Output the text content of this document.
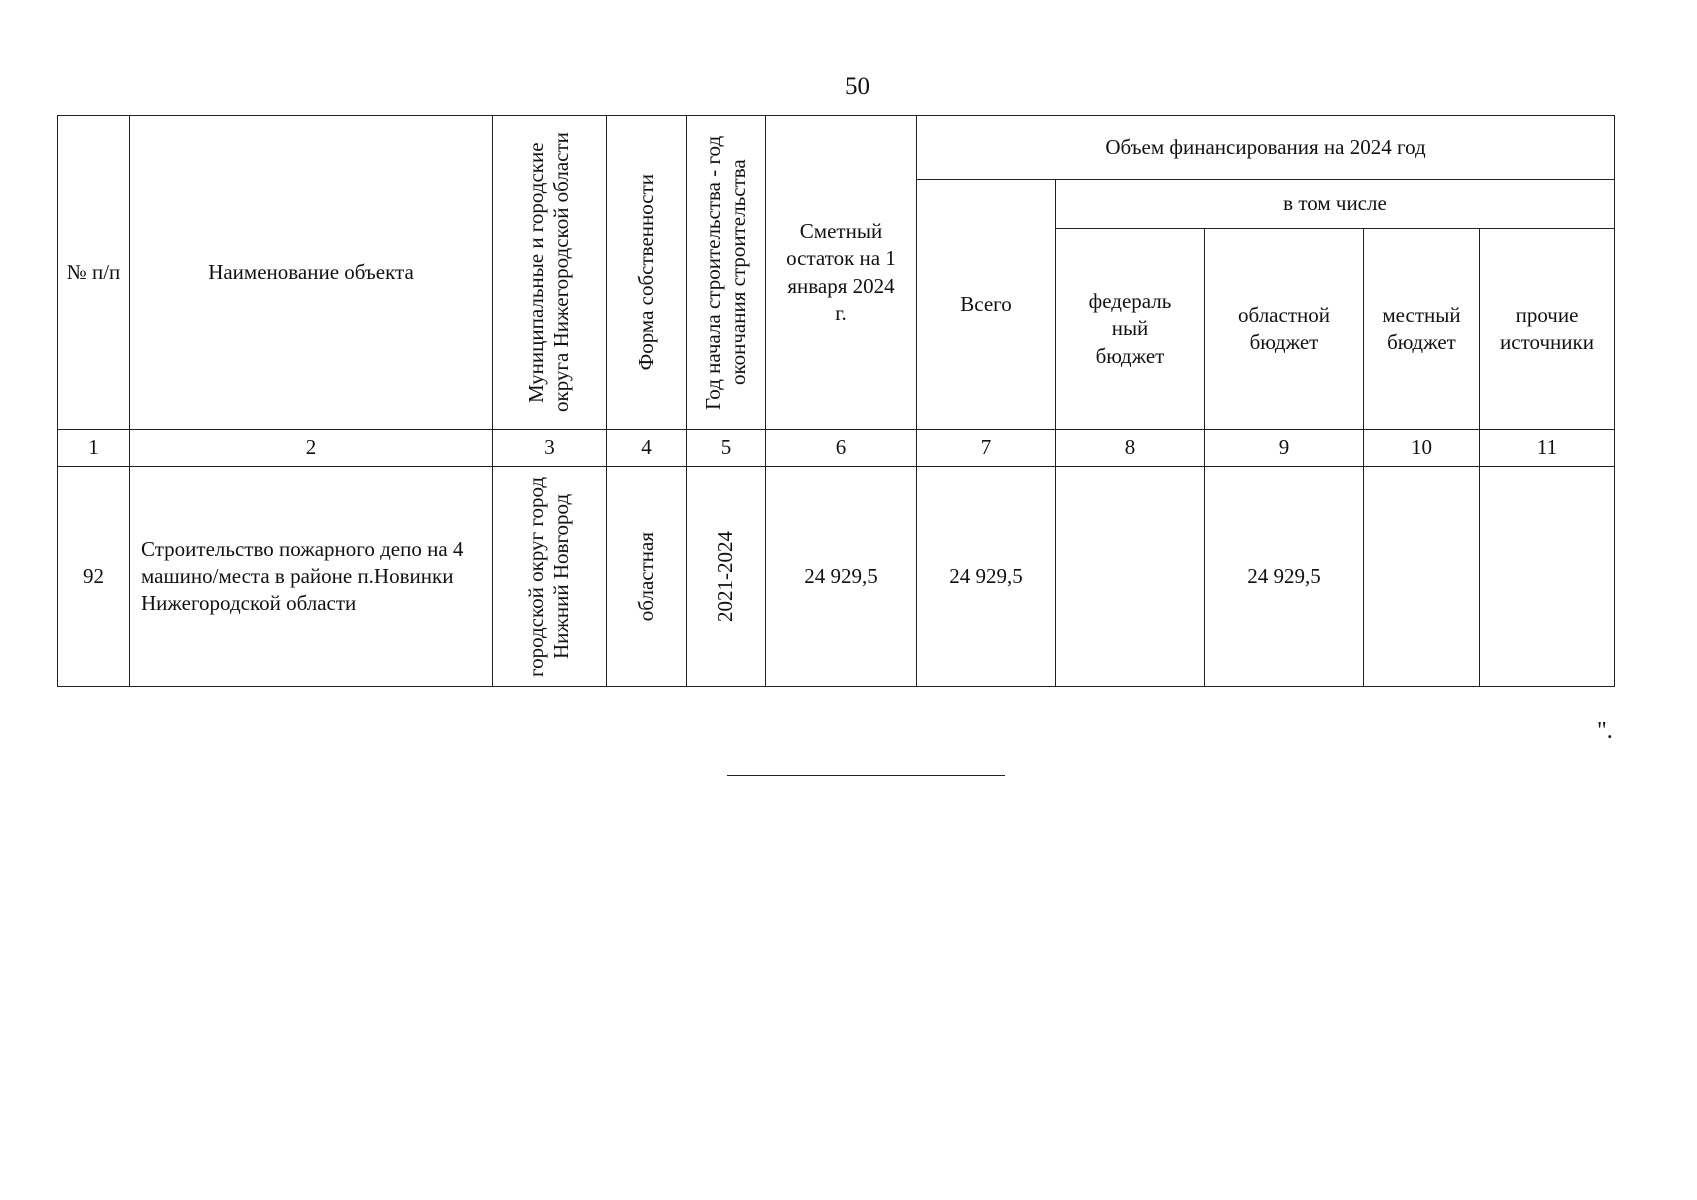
50
№ п/п	Наименование объекта	Муниципальные и городские округа Нижегородской области	Форма собственности	Год начала строительства - год окончания строительства	Сметный остаток на 1 января 2024 г.	Объем финансирования на 2024 год				
						Всего	в том числе			

							федераль ный бюджет	областной бюджет	местный бюджет	прочие источники

1	2	3	4	5	6	7	8	9	10	11
92	Строительство пожарного депо на 4 машино/места в районе п.Новинки Нижегородской области	городской округ город Нижний Новгород	областная	2021-2024	24 929,5	24 929,5		24 929,5		
".
